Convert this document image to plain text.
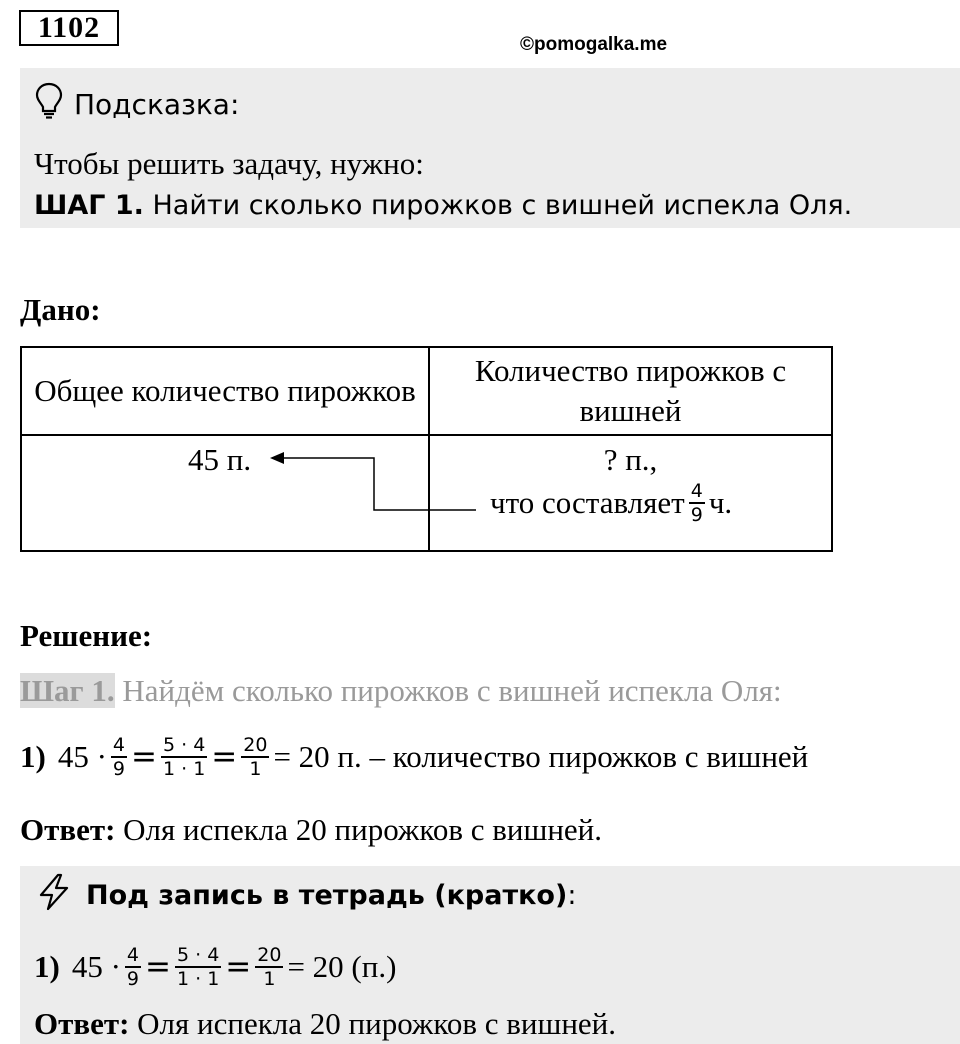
1102
©pomogalka.me
Подсказка:
Чтобы решить задачу, нужно:
ШАГ 1. Найти сколько пирожков с вишней испекла Оля.
Дано:
Общее количество пирожков	Количество пирожков с вишней

45 п.	? п.,
что составляет $\frac{4}{9} ч$.
Решение:
Шаг 1. Найдём сколько пирожков с вишней испекла Оля:
1) $45 \cdot \frac{4}{9} = \frac{5 \cdot 4}{1 \cdot 1} = \frac{20}{1} = 20$ п. – количество пирожков с вишней
Ответ: Оля испекла 20 пирожков с вишней.
Под запись в тетрадь (кратко):
1) $45 \cdot \frac{4}{9} = \frac{5 \cdot 4}{1 \cdot 1} = \frac{20}{1} = 20$ (п.)
Ответ: Оля испекла 20 пирожков с вишней.
